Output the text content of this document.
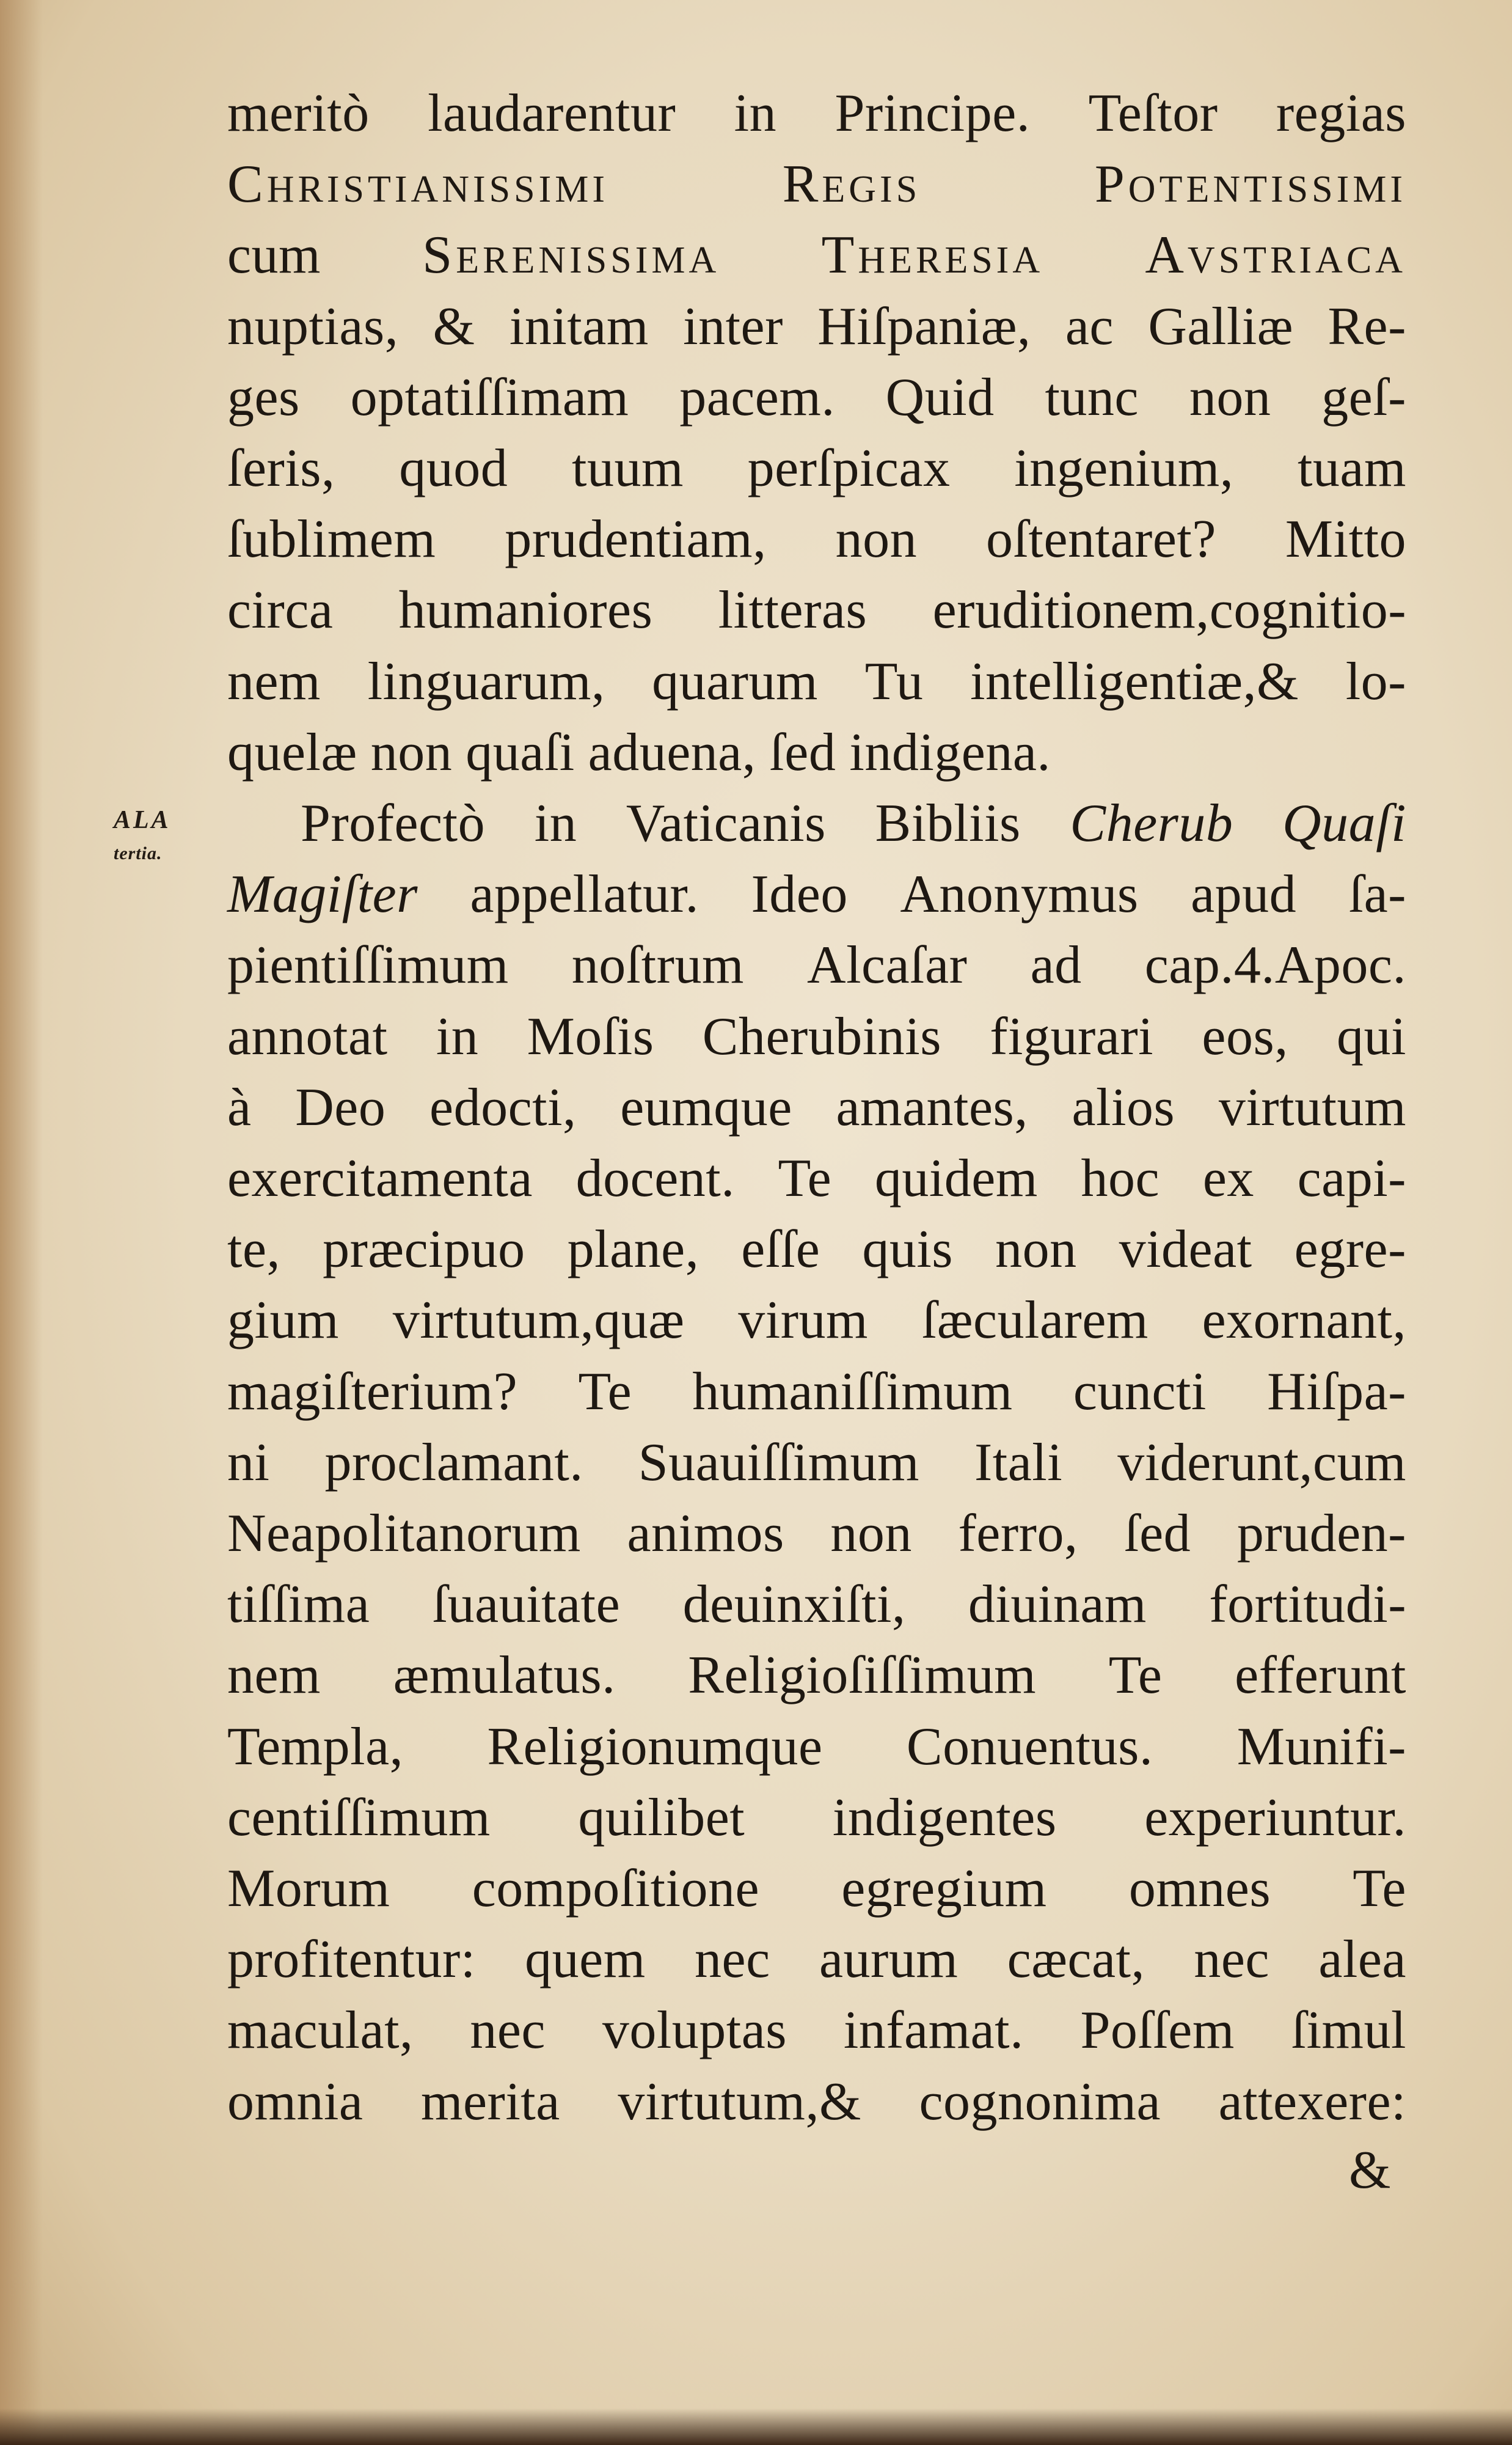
ALA
tertia.
meritò laudarentur in Principe. Teſtor regias
Christianissimi	Regis	Potentissimi
cum Serenissima Theresia Avstriaca
nuptias, & initam inter Hiſpaniæ, ac Galliæ Re-
ges optatiſſimam pacem. Quid tunc non geſ-
ſeris, quod tuum perſpicax ingenium, tuam
ſublimem prudentiam, non oſtentaret? Mitto
circa humaniores litteras eruditionem,cognitio-
nem linguarum, quarum Tu intelligentiæ,& lo-
quelæ non quaſi aduena, ſed indigena.
Profectò in Vaticanis Bibliis Cherub Quaſi
Magiſter appellatur. Ideo Anonymus apud ſa-
pientiſſimum noſtrum Alcaſar ad cap.4.Apoc.
annotat in Moſis Cherubinis figurari eos, qui
à Deo edocti, eumque amantes, alios virtutum
exercitamenta docent. Te quidem hoc ex capi-
te, præcipuo plane, eſſe quis non videat egre-
gium virtutum,quæ virum ſæcularem exornant,
magiſterium? Te humaniſſimum cuncti Hiſpa-
ni proclamant. Suauiſſimum Itali viderunt,cum
Neapolitanorum animos non ferro, ſed pruden-
tiſſima ſuauitate deuinxiſti, diuinam fortitudi-
nem æmulatus. Religioſiſſimum Te efferunt
Templa, Religionumque Conuentus. Munifi-
centiſſimum quilibet indigentes experiuntur.
Morum compoſitione egregium omnes Te
profitentur: quem nec aurum cæcat, nec alea
maculat, nec voluptas infamat. Poſſem ſimul
omnia merita virtutum,& cognonima attexere:
&
